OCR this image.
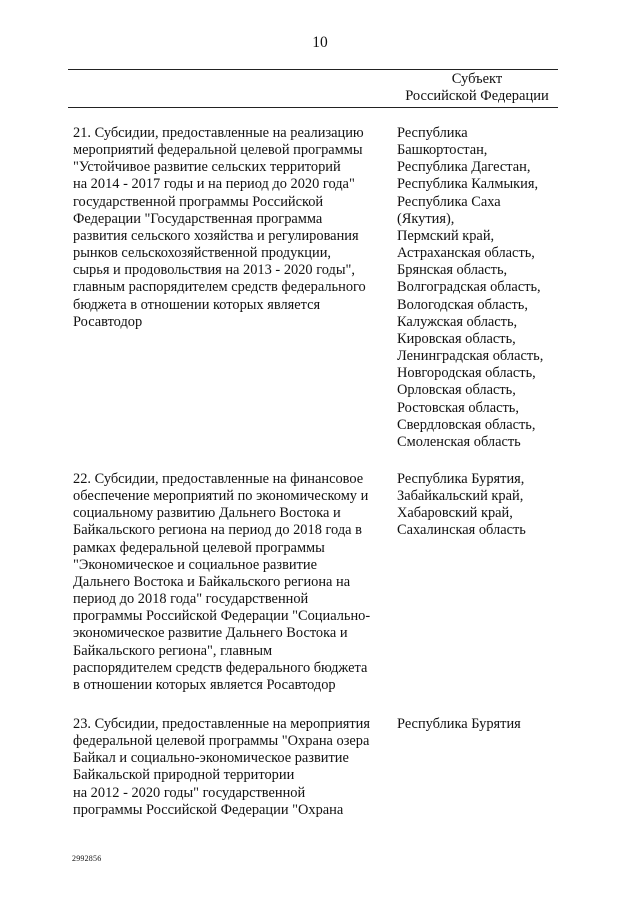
10
Субъект
Российской Федерации
21. Субсидии, предоставленные на реализацию
мероприятий федеральной целевой программы
"Устойчивое развитие сельских территорий
на 2014 - 2017 годы и на период до 2020 года"
государственной программы Российской
Федерации "Государственная программа
развития сельского хозяйства и регулирования
рынков сельскохозяйственной продукции,
сырья и продовольствия на 2013 - 2020 годы",
главным распорядителем средств федерального
бюджета в отношении которых является
Росавтодор
Республика
Башкортостан,
Республика Дагестан,
Республика Калмыкия,
Республика Саха
(Якутия),
Пермский край,
Астраханская область,
Брянская область,
Волгоградская область,
Вологодская область,
Калужская область,
Кировская область,
Ленинградская область,
Новгородская область,
Орловская область,
Ростовская область,
Свердловская область,
Смоленская область
22. Субсидии, предоставленные на финансовое
обеспечение мероприятий по экономическому и
социальному развитию Дальнего Востока и
Байкальского региона на период до 2018 года в
рамках федеральной целевой программы
"Экономическое и социальное развитие
Дальнего Востока и Байкальского региона на
период до 2018 года" государственной
программы Российской Федерации "Социально-
экономическое развитие Дальнего Востока и
Байкальского региона", главным
распорядителем средств федерального бюджета
в отношении которых является Росавтодор
Республика Бурятия,
Забайкальский край,
Хабаровский край,
Сахалинская область
23. Субсидии, предоставленные на мероприятия
федеральной целевой программы "Охрана озера
Байкал и социально-экономическое развитие
Байкальской природной территории
на 2012 - 2020 годы" государственной
программы Российской Федерации "Охрана
Республика Бурятия
2992856
